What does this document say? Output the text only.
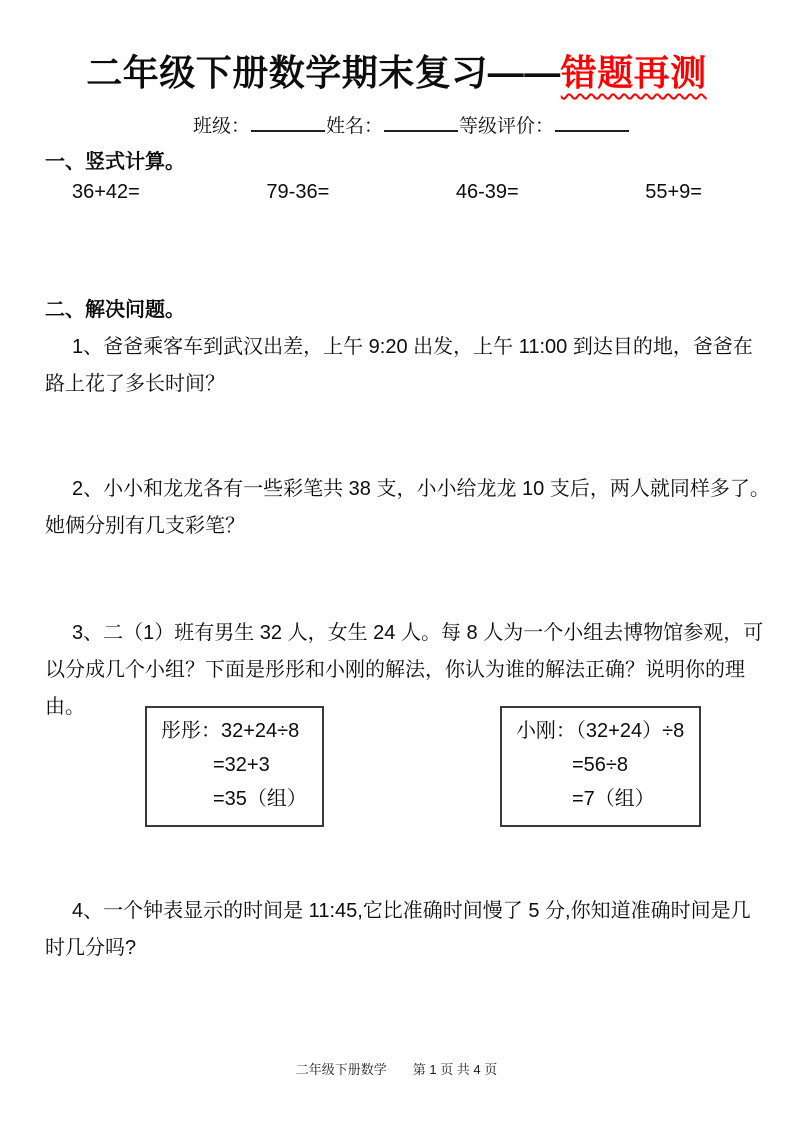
二年级下册数学期末复习——错题再测
班级：	姓名：	等级评价：
一、竖式计算。
36+42=	79-36=	46-39=	55+9=
二、解决问题。
1、爸爸乘客车到武汉出差，上午 9:20 出发，上午 11:00 到达目的地，爸爸在
路上花了多长时间？
2、小小和龙龙各有一些彩笔共 38 支，小小给龙龙 10 支后，两人就同样多了。
她俩分别有几支彩笔？
3、二（1）班有男生 32 人，女生 24 人。每 8 人为一个小组去博物馆参观，可
以分成几个小组？下面是彤彤和小刚的解法，你认为谁的解法正确？说明你的理
由。
彤彤：32+24÷8
=32+3
=35（组）
小刚：（32+24）÷8
=56÷8
=7（组）
4、一个钟表显示的时间是 11:45,它比准确时间慢了 5 分,你知道准确时间是几
时几分吗?
二年级下册数学 第 1 页 共 4 页
